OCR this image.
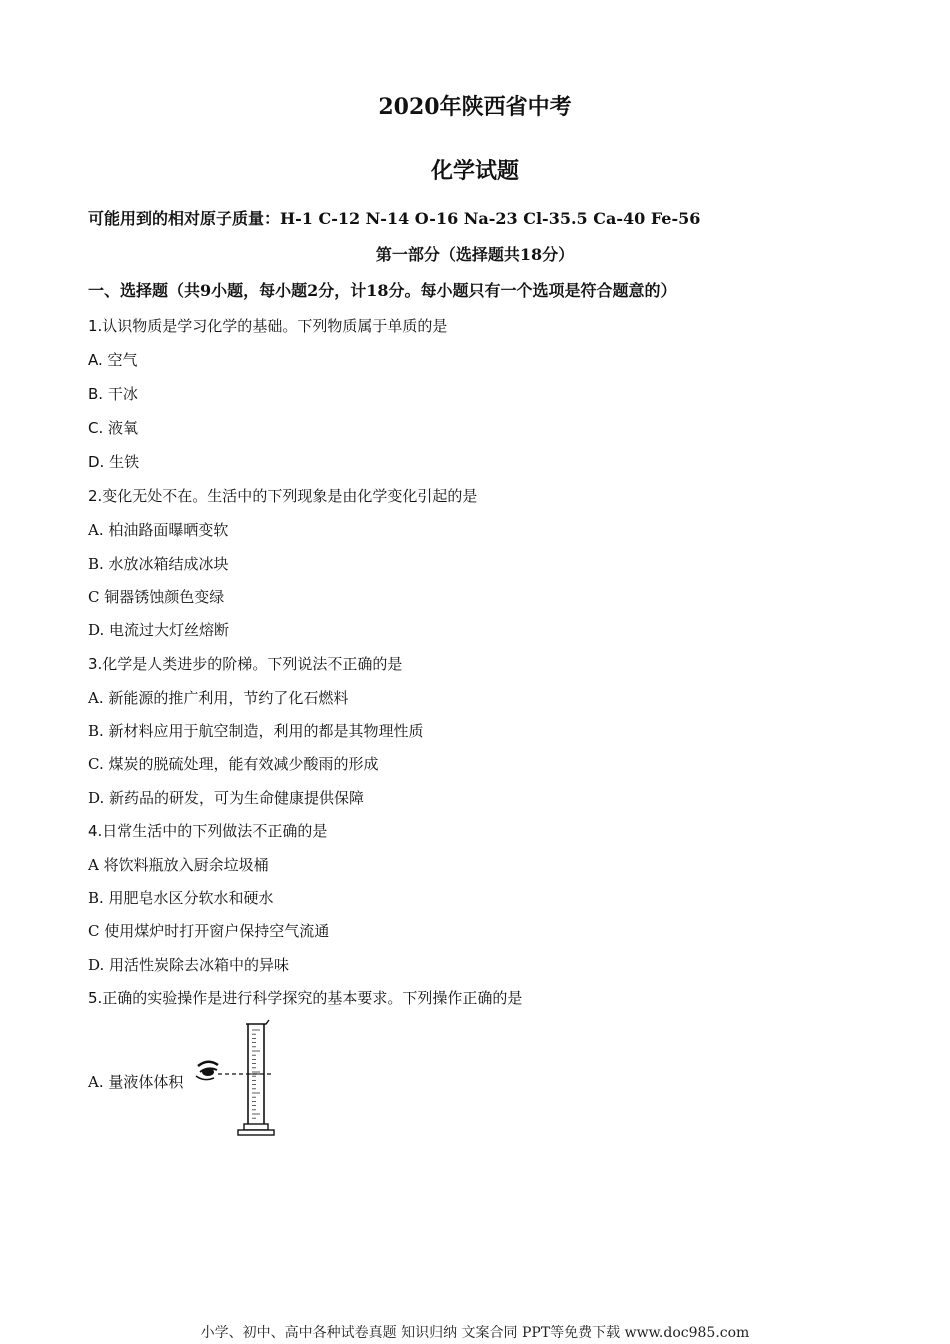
2020年陕西省中考
化学试题
可能用到的相对原子质量：H-1 C-12 N-14 O-16 Na-23 Cl-35.5 Ca-40 Fe-56
第一部分（选择题共18分）
一、选择题（共9小题，每小题2分，计18分。每小题只有一个选项是符合题意的）
1.认识物质是学习化学的基础。下列物质属于单质的是
A. 空气
B. 干冰
C. 液氧
D. 生铁
2.变化无处不在。生活中的下列现象是由化学变化引起的是
A. 柏油路面曝晒变软
B. 水放冰箱结成冰块
C 铜器锈蚀颜色变绿
D. 电流过大灯丝熔断
3.化学是人类进步的阶梯。下列说法不正确的是
A. 新能源的推广利用，节约了化石燃料
B. 新材料应用于航空制造，利用的都是其物理性质
C. 煤炭的脱硫处理，能有效减少酸雨的形成
D. 新药品的研发，可为生命健康提供保障
4.日常生活中的下列做法不正确的是
A 将饮料瓶放入厨余垃圾桶
B. 用肥皂水区分软水和硬水
C 使用煤炉时打开窗户保持空气流通
D. 用活性炭除去冰箱中的异味
5.正确的实验操作是进行科学探究的基本要求。下列操作正确的是
A. 量液体体积
小学、初中、高中各种试卷真题 知识归纳 文案合同 PPT等免费下载 www.doc985.com
